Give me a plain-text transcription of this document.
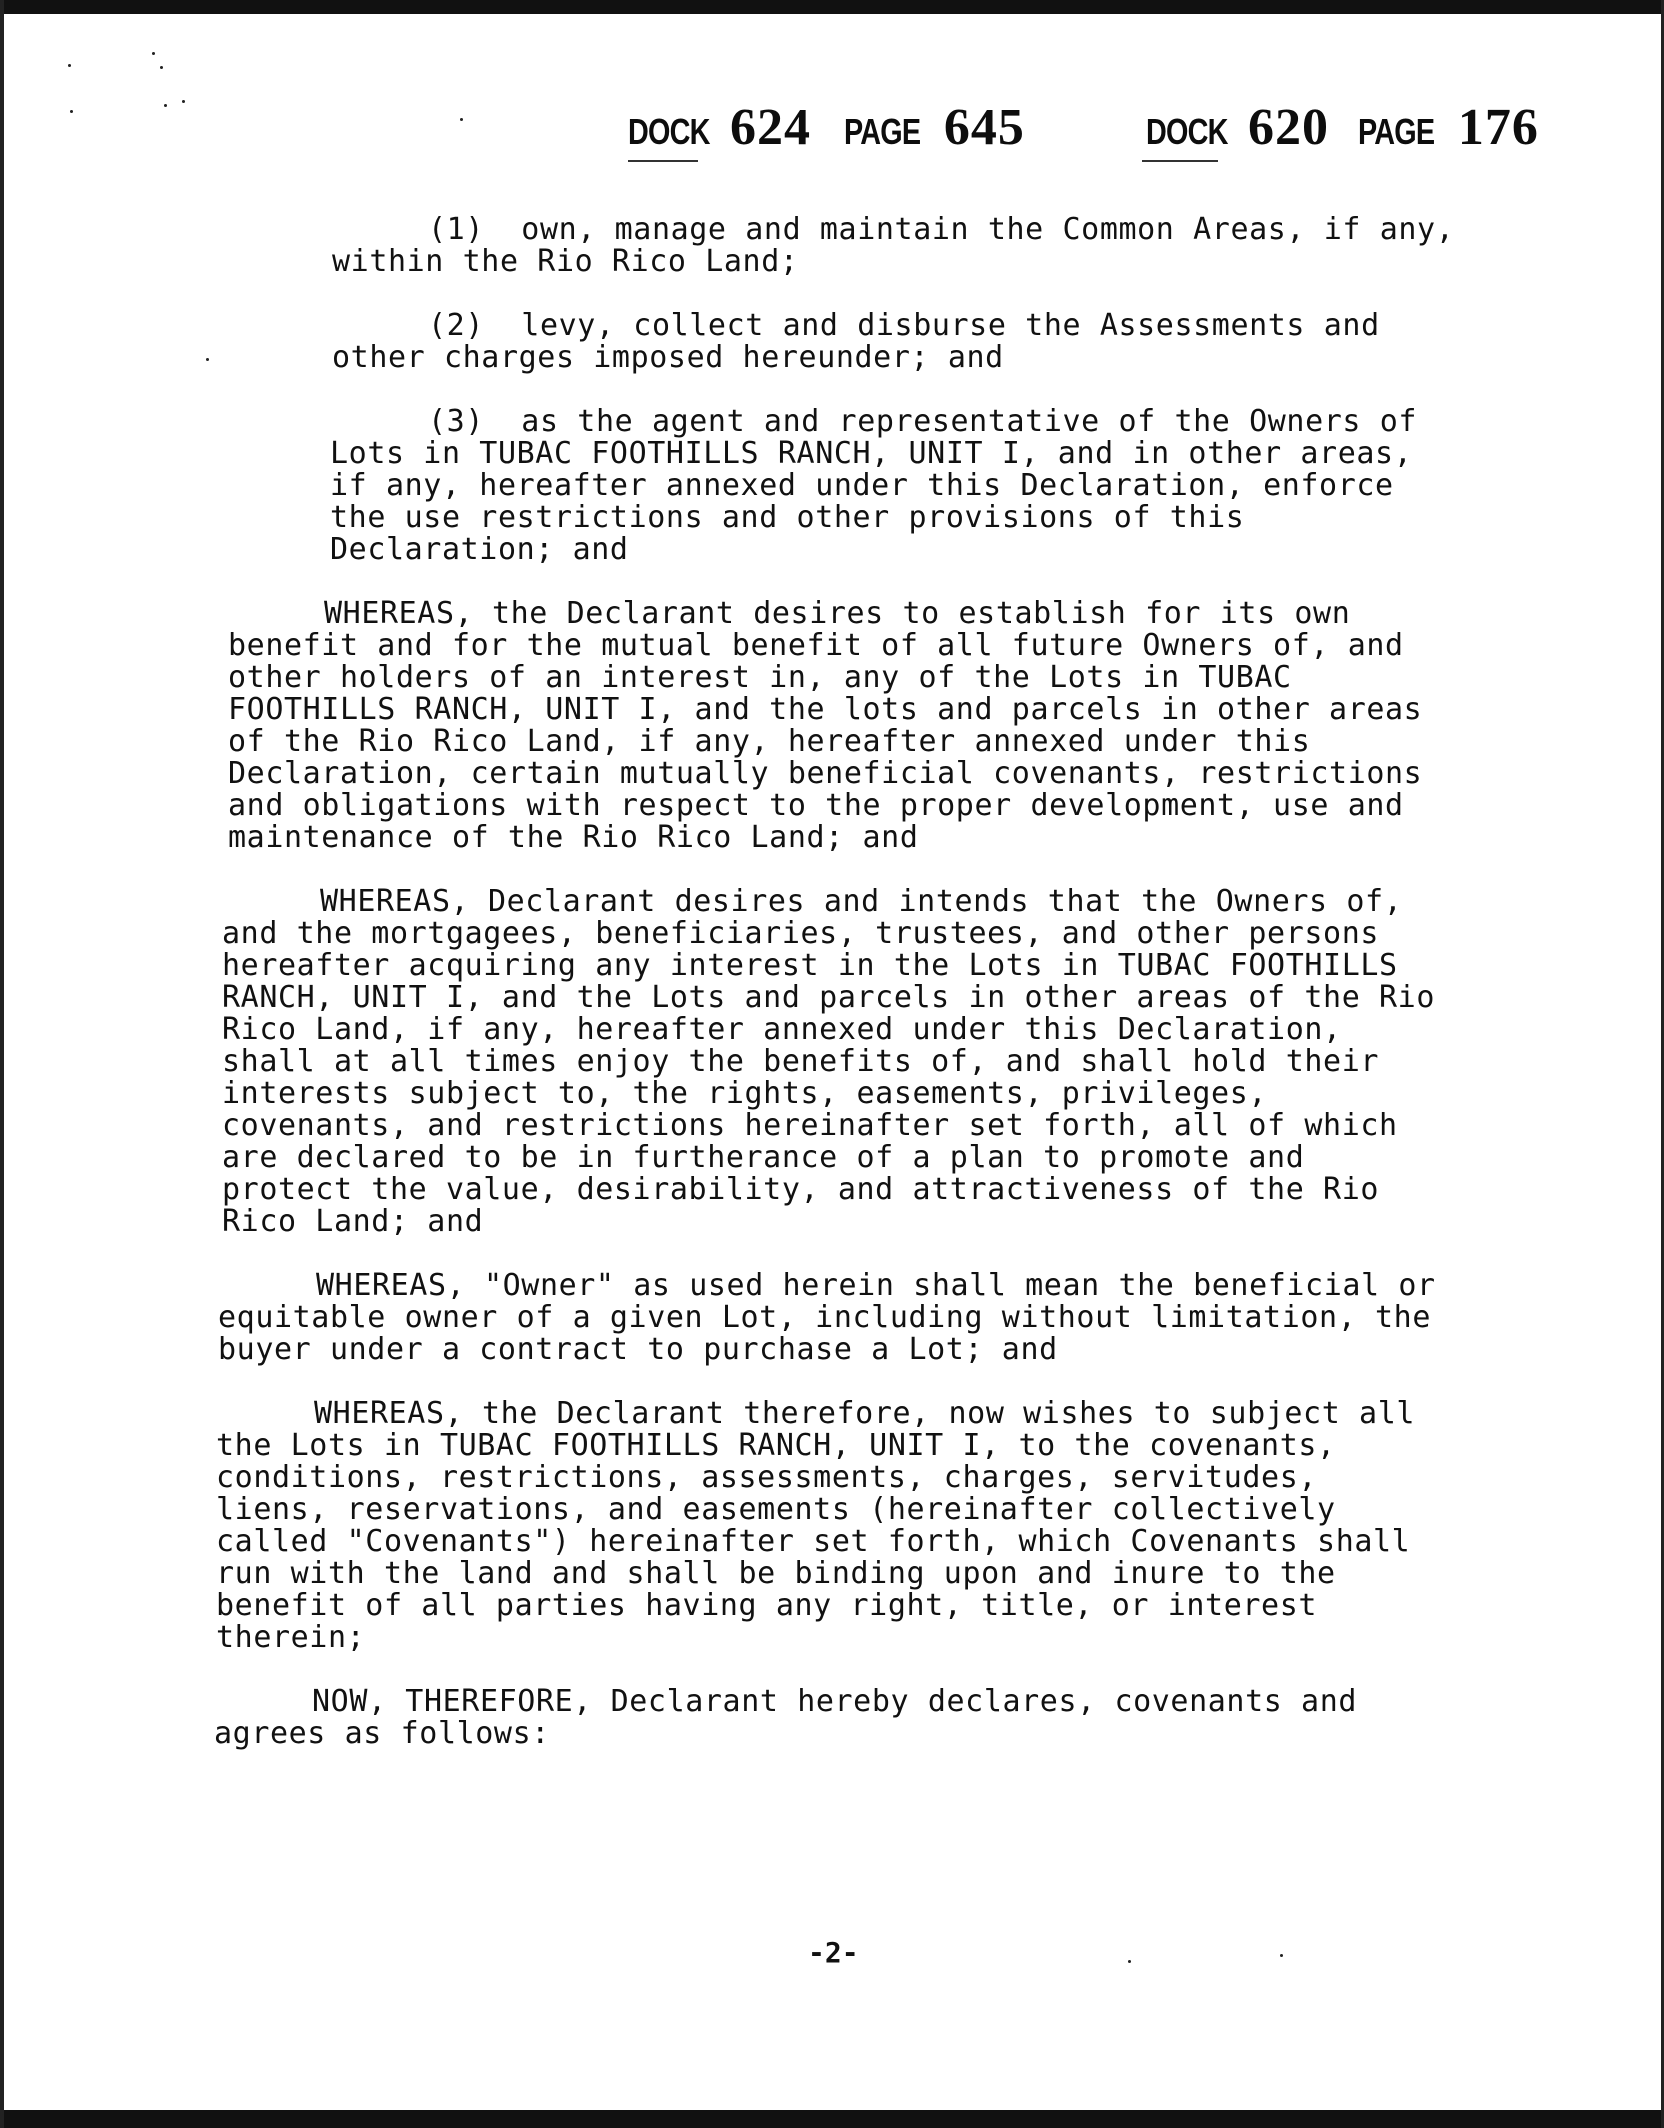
DOCK 624 PAGE 645	DOCK 620 PAGE 176
(1)  own, manage and maintain the Common Areas, if any,
within the Rio Rico Land;
(2)  levy, collect and disburse the Assessments and
other charges imposed hereunder; and
(3)  as the agent and representative of the Owners of
Lots in TUBAC FOOTHILLS RANCH, UNIT I, and in other areas,
if any, hereafter annexed under this Declaration, enforce
the use restrictions and other provisions of this
Declaration; and
WHEREAS, the Declarant desires to establish for its own
benefit and for the mutual benefit of all future Owners of, and
other holders of an interest in, any of the Lots in TUBAC
FOOTHILLS RANCH, UNIT I, and the lots and parcels in other areas
of the Rio Rico Land, if any, hereafter annexed under this
Declaration, certain mutually beneficial covenants, restrictions
and obligations with respect to the proper development, use and
maintenance of the Rio Rico Land; and
WHEREAS, Declarant desires and intends that the Owners of,
and the mortgagees, beneficiaries, trustees, and other persons
hereafter acquiring any interest in the Lots in TUBAC FOOTHILLS
RANCH, UNIT I, and the Lots and parcels in other areas of the Rio
Rico Land, if any, hereafter annexed under this Declaration,
shall at all times enjoy the benefits of, and shall hold their
interests subject to, the rights, easements, privileges,
covenants, and restrictions hereinafter set forth, all of which
are declared to be in furtherance of a plan to promote and
protect the value, desirability, and attractiveness of the Rio
Rico Land; and
WHEREAS, "Owner" as used herein shall mean the beneficial or
equitable owner of a given Lot, including without limitation, the
buyer under a contract to purchase a Lot; and
WHEREAS, the Declarant therefore, now wishes to subject all
the Lots in TUBAC FOOTHILLS RANCH, UNIT I, to the covenants,
conditions, restrictions, assessments, charges, servitudes,
liens, reservations, and easements (hereinafter collectively
called "Covenants") hereinafter set forth, which Covenants shall
run with the land and shall be binding upon and inure to the
benefit of all parties having any right, title, or interest
therein;
NOW, THEREFORE, Declarant hereby declares, covenants and
agrees as follows:
-2-
